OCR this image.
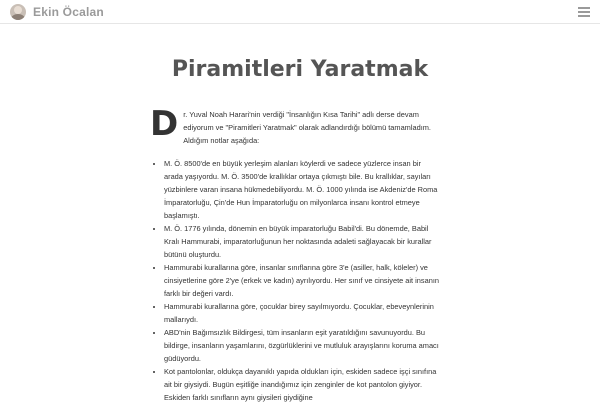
Ekin Öcalan
Piramitleri Yaratmak

Dr. Yuval Noah Harari'nin verdiği "İnsanlığın Kısa Tarihi" adlı derse devam ediyorum ve "Piramitleri Yaratmak" olarak adlandırdığı bölümü tamamladım. Aldığım notlar aşağıda:

• M. Ö. 8500'de en büyük yerleşim alanları köylerdi ve sadece yüzlerce insan bir arada yaşıyordu. M. Ö. 3500'de krallıklar ortaya çıkmıştı bile. Bu krallıklar, sayıları yüzbinlere varan insana hükmedebiliyordu. M. Ö. 1000 yılında ise Akdeniz'de Roma İmparatorluğu, Çin'de Hun İmparatorluğu on milyonlarca insanı kontrol etmeye başlamıştı.
• M. Ö. 1776 yılında, dönemin en büyük imparatorluğu Babil'di. Bu dönemde, Babil Kralı Hammurabi, imparatorluğunun her noktasında adaleti sağlayacak bir kurallar bütünü oluşturdu.
• Hammurabi kurallarına göre, insanlar sınıflarına göre 3'e (asiller, halk, köleler) ve cinsiyetlerine göre 2'ye (erkek ve kadın) ayrılıyordu. Her sınıf ve cinsiyete ait insanın farklı bir değeri vardı.
• Hammurabi kurallarına göre, çocuklar birey sayılmıyordu. Çocuklar, ebeveynlerinin mallarıydı.
• ABD'nin Bağımsızlık Bildirgesi, tüm insanların eşit yaratıldığını savunuyordu. Bu bildirge, insanların yaşamlarını, özgürlüklerini ve mutluluk arayışlarını koruma amacı güdüyordu.
• Kot pantolonlar, oldukça dayanıklı yapıda oldukları için, eskiden sadece işçi sınıfına ait bir giysiydi. Bugün eşitliğe inandığımız için zenginler de kot pantolon giyiyor. Eskiden farklı sınıfların aynı giysileri giydiğine
